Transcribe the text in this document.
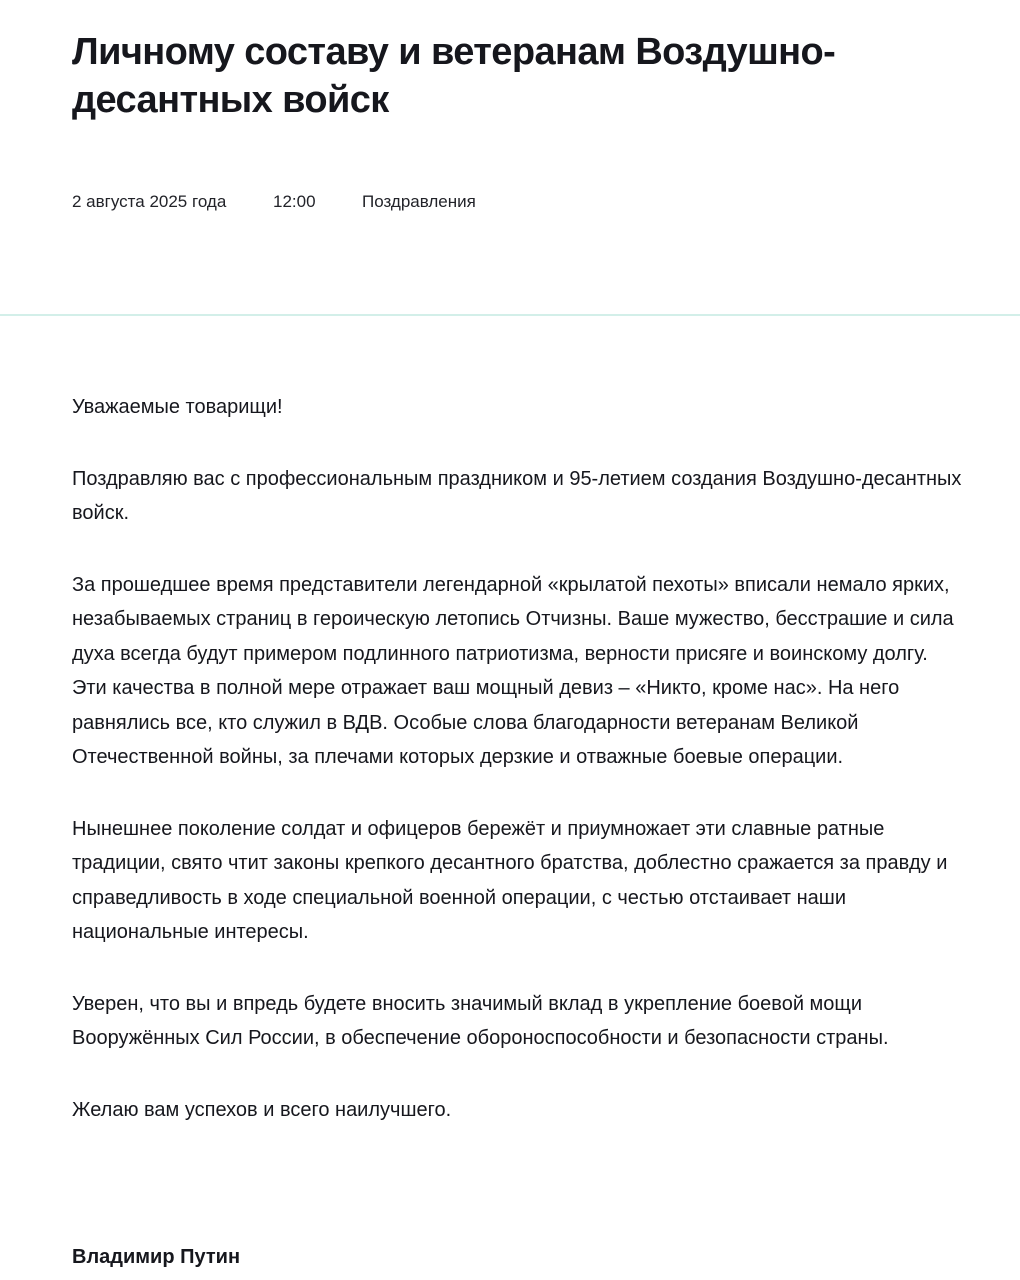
Личному составу и ветеранам Воздушно-десантных войск
2 августа 2025 года	12:00	Поздравления

Уважаемые товарищи!

Поздравляю вас с профессиональным праздником и 95-летием создания Воздушно-десантных войск.

За прошедшее время представители легендарной «крылатой пехоты» вписали немало ярких, незабываемых страниц в героическую летопись Отчизны. Ваше мужество, бесстрашие и сила духа всегда будут примером подлинного патриотизма, верности присяге и воинскому долгу. Эти качества в полной мере отражает ваш мощный девиз – «Никто, кроме нас». На него равнялись все, кто служил в ВДВ. Особые слова благодарности ветеранам Великой Отечественной войны, за плечами которых дерзкие и отважные боевые операции.

Нынешнее поколение солдат и офицеров бережёт и приумножает эти славные ратные традиции, свято чтит законы крепкого десантного братства, доблестно сражается за правду и справедливость в ходе специальной военной операции, с честью отстаивает наши национальные интересы.

Уверен, что вы и впредь будете вносить значимый вклад в укрепление боевой мощи Вооружённых Сил России, в обеспечение обороноспособности и безопасности страны.

Желаю вам успехов и всего наилучшего.

Владимир Путин
